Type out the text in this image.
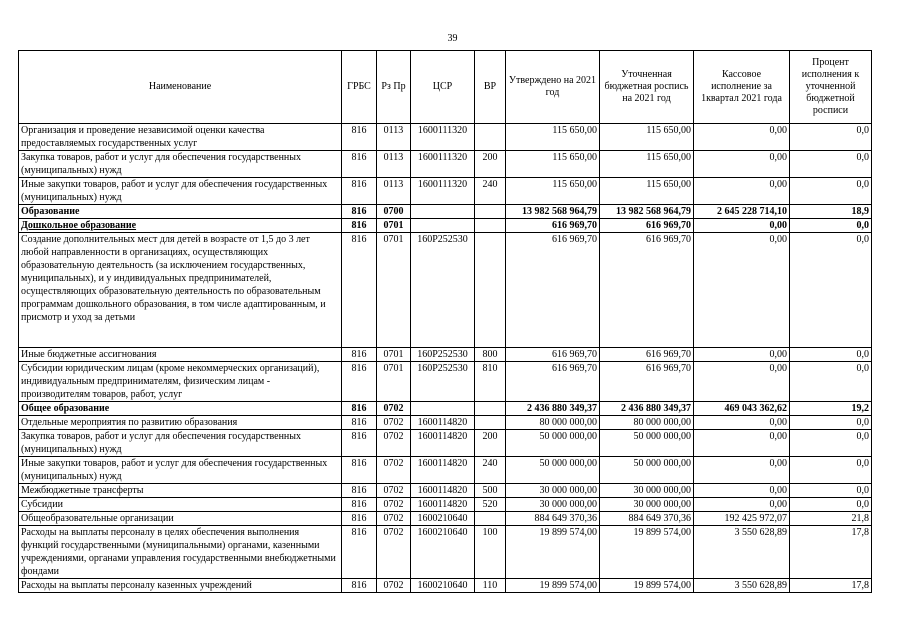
39
Наименование	ГРБС	Рз Пр	ЦСР	ВР	Утверждено на 2021 год	Уточненная бюджетная роспись на 2021 год	Кассовое исполнение за 1квартал 2021 года	Процент исполнения к уточненной бюджетной росписи
Организация и проведение независимой оценки качества предоставляемых государственных услуг	816	0113	1600111320		115 650,00	115 650,00	0,00	0,0
Закупка товаров, работ и услуг для обеспечения государственных (муниципальных) нужд	816	0113	1600111320	200	115 650,00	115 650,00	0,00	0,0
Иные закупки товаров, работ и услуг для обеспечения государственных (муниципальных) нужд	816	0113	1600111320	240	115 650,00	115 650,00	0,00	0,0
Образование	816	0700			13 982 568 964,79	13 982 568 964,79	2 645 228 714,10	18,9
Дошкольное образование	816	0701			616 969,70	616 969,70	0,00	0,0
Создание дополнительных мест для детей в возрасте от 1,5 до 3 лет любой направленности в организациях, осуществляющих образовательную деятельность (за исключением государственных, муниципальных), и у индивидуальных предпринимателей, осуществляющих образовательную деятельность по образовательным программам дошкольного образования, в том числе адаптированным, и присмотр и уход за детьми	816	0701	160P252530		616 969,70	616 969,70	0,00	0,0
Иные бюджетные ассигнования	816	0701	160P252530	800	616 969,70	616 969,70	0,00	0,0
Субсидии юридическим лицам (кроме некоммерческих организаций), индивидуальным предпринимателям, физическим лицам - производителям товаров, работ, услуг	816	0701	160P252530	810	616 969,70	616 969,70	0,00	0,0
Общее образование	816	0702			2 436 880 349,37	2 436 880 349,37	469 043 362,62	19,2
Отдельные мероприятия по развитию образования	816	0702	1600114820		80 000 000,00	80 000 000,00	0,00	0,0
Закупка товаров, работ и услуг для обеспечения государственных (муниципальных) нужд	816	0702	1600114820	200	50 000 000,00	50 000 000,00	0,00	0,0
Иные закупки товаров, работ и услуг для обеспечения государственных (муниципальных) нужд	816	0702	1600114820	240	50 000 000,00	50 000 000,00	0,00	0,0
Межбюджетные трансферты	816	0702	1600114820	500	30 000 000,00	30 000 000,00	0,00	0,0
Субсидии	816	0702	1600114820	520	30 000 000,00	30 000 000,00	0,00	0,0
Общеобразовательные организации	816	0702	1600210640		884 649 370,36	884 649 370,36	192 425 972,07	21,8
Расходы на выплаты персоналу в целях обеспечения выполнения функций государственными (муниципальными) органами, казенными учреждениями, органами управления государственными внебюджетными фондами	816	0702	1600210640	100	19 899 574,00	19 899 574,00	3 550 628,89	17,8
Расходы на выплаты персоналу казенных учреждений	816	0702	1600210640	110	19 899 574,00	19 899 574,00	3 550 628,89	17,8
